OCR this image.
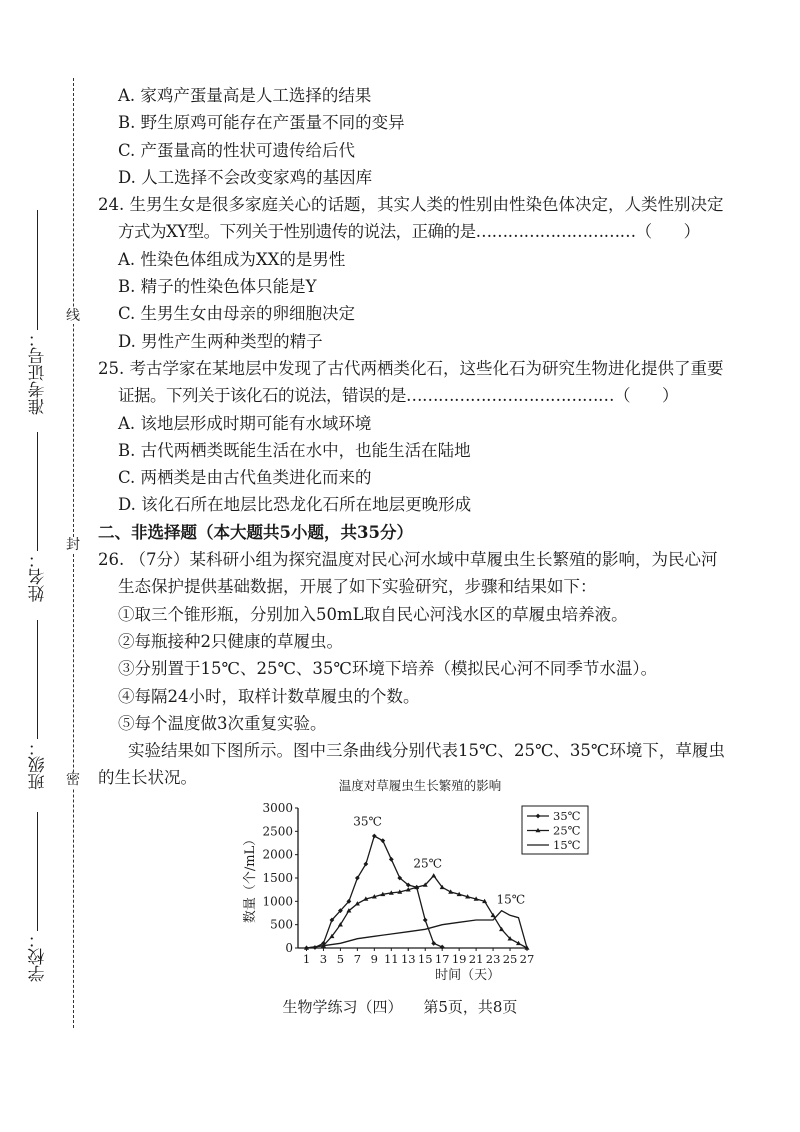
线
封
密
准考证号：
姓名：
班级：
学校：
A. 家鸡产蛋量高是人工选择的结果
B. 野生原鸡可能存在产蛋量不同的变异
C. 产蛋量高的性状可遗传给后代
D. 人工选择不会改变家鸡的基因库
24. 生男生女是很多家庭关心的话题，其实人类的性别由性染色体决定，人类性别决定
方式为XY型。下列关于性别遗传的说法，正确的是…………………………（　　）
A. 性染色体组成为XX的是男性
B. 精子的性染色体只能是Y
C. 生男生女由母亲的卵细胞决定
D. 男性产生两种类型的精子
25. 考古学家在某地层中发现了古代两栖类化石，这些化石为研究生物进化提供了重要
证据。下列关于该化石的说法，错误的是…………………………………（　　）
A. 该地层形成时期可能有水域环境
B. 古代两栖类既能生活在水中，也能生活在陆地
C. 两栖类是由古代鱼类进化而来的
D. 该化石所在地层比恐龙化石所在地层更晚形成
二、非选择题（本大题共5小题，共35分）
26. （7分）某科研小组为探究温度对民心河水域中草履虫生长繁殖的影响，为民心河
生态保护提供基础数据，开展了如下实验研究，步骤和结果如下：
①取三个锥形瓶，分别加入50mL取自民心河浅水区的草履虫培养液。
②每瓶接种2只健康的草履虫。
③分别置于15℃、25℃、35℃环境下培养（模拟民心河不同季节水温）。
④每隔24小时，取样计数草履虫的个数。
⑤每个温度做3次重复实验。
实验结果如下图所示。图中三条曲线分别代表15℃、25℃、35℃环境下，草履虫
的生长状况。	温度对草履虫生长繁殖的影响
0
500
1000
1500
2000
2500
3000
1 3 5 7 9 11 13 15 17 19 21 23 25 27
数量（个/mL）
时间（天）
35℃
25℃
15℃
35℃
25℃
15℃
生物学练习（四） 第5页，共8页
